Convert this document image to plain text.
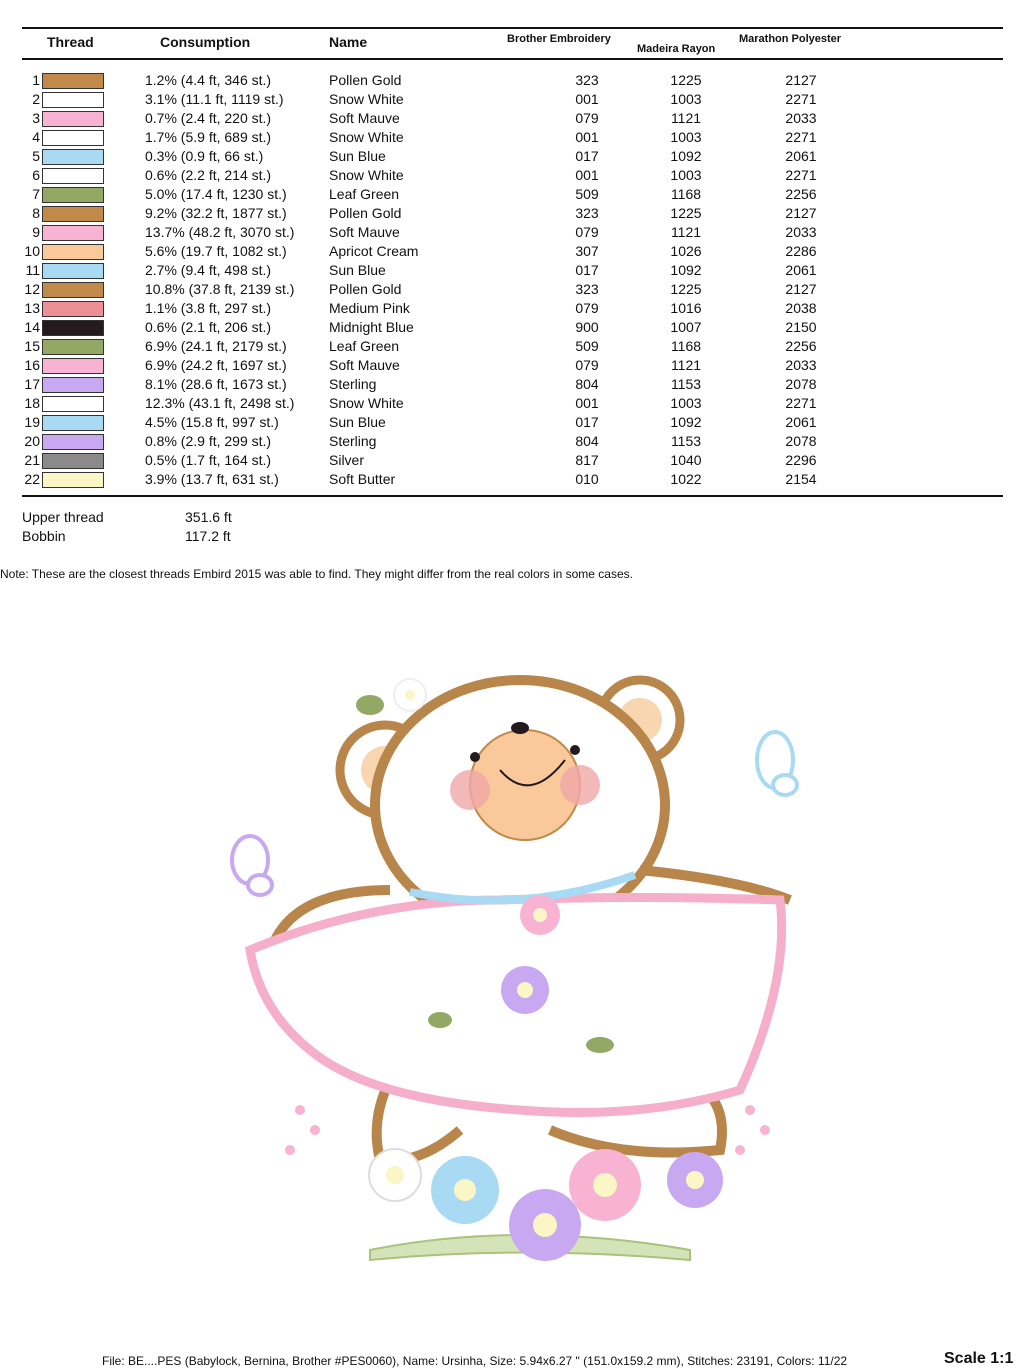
Thread	Consumption	Name	Brother Embroidery
Madeira Rayon
Marathon Polyester
1	1.2% (4.4 ft, 346 st.)	Pollen Gold	323	1225	2127
2	3.1% (11.1 ft, 1119 st.)	Snow White	001	1003	2271
3	0.7% (2.4 ft, 220 st.)	Soft Mauve	079	1121	2033
4	1.7% (5.9 ft, 689 st.)	Snow White	001	1003	2271
5	0.3% (0.9 ft, 66 st.)	Sun Blue	017	1092	2061
6	0.6% (2.2 ft, 214 st.)	Snow White	001	1003	2271
7	5.0% (17.4 ft, 1230 st.)	Leaf Green	509	1168	2256
8	9.2% (32.2 ft, 1877 st.)	Pollen Gold	323	1225	2127
9	13.7% (48.2 ft, 3070 st.) Soft Mauve	079	1121	2033
10	5.6% (19.7 ft, 1082 st.)	Apricot Cream	307	1026	2286
11	2.7% (9.4 ft, 498 st.)	Sun Blue	017	1092	2061
12	10.8% (37.8 ft, 2139 st.) Pollen Gold	323	1225	2127
13	1.1% (3.8 ft, 297 st.)	Medium Pink	079	1016	2038
14	0.6% (2.1 ft, 206 st.)	Midnight Blue	900	1007	2150
15	6.9% (24.1 ft, 2179 st.)	Leaf Green	509	1168	2256
16	6.9% (24.2 ft, 1697 st.)	Soft Mauve	079	1121	2033
17	8.1% (28.6 ft, 1673 st.)	Sterling	804	1153	2078
18	12.3% (43.1 ft, 2498 st.) Snow White	001	1003	2271
19	4.5% (15.8 ft, 997 st.)	Sun Blue	017	1092	2061
20	0.8% (2.9 ft, 299 st.)	Sterling	804	1153	2078
21	0.5% (1.7 ft, 164 st.)	Silver	817	1040	2296
22	3.9% (13.7 ft, 631 st.)	Soft Butter	010	1022	2154
Upper thread	351.6 ft
Bobbin	117.2 ft
Note: These are the closest threads Embird 2015 was able to find. They might differ from the real colors in some cases.
File: BE....PES (Babylock, Bernina, Brother #PES0060), Name: Ursinha, Size: 5.94x6.27 " (151.0x159.2 mm), Stitches: 23191, Colors: 11/22	Scale 1:1
